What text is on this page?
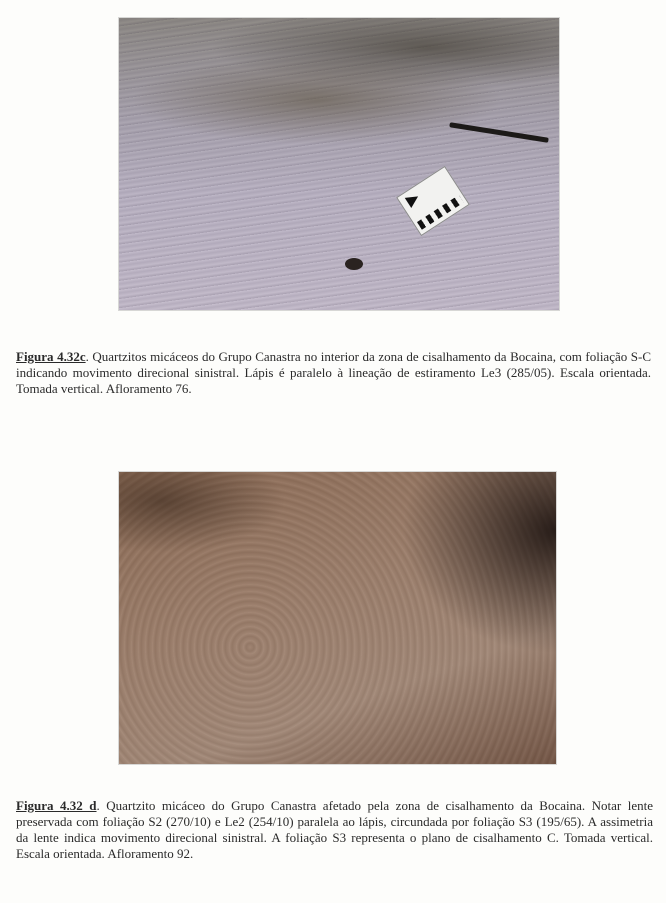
Figura 4.32c. Quartzitos micáceos do Grupo Canastra no interior da zona de cisalhamento da Bocaina, com foliação S-C indicando movimento direcional sinistral. Lápis é paralelo à lineação de estiramento Le3 (285/05). Escala orientada. Tomada vertical. Afloramento 76.

Figura 4.32 d. Quartzito micáceo do Grupo Canastra afetado pela zona de cisalhamento da Bocaina. Notar lente preservada com foliação S2 (270/10) e Le2 (254/10) paralela ao lápis, circundada por foliação S3 (195/65). A assimetria da lente indica movimento direcional sinistral. A foliação S3 representa o plano de cisalhamento C. Tomada vertical. Escala orientada. Afloramento 92.
